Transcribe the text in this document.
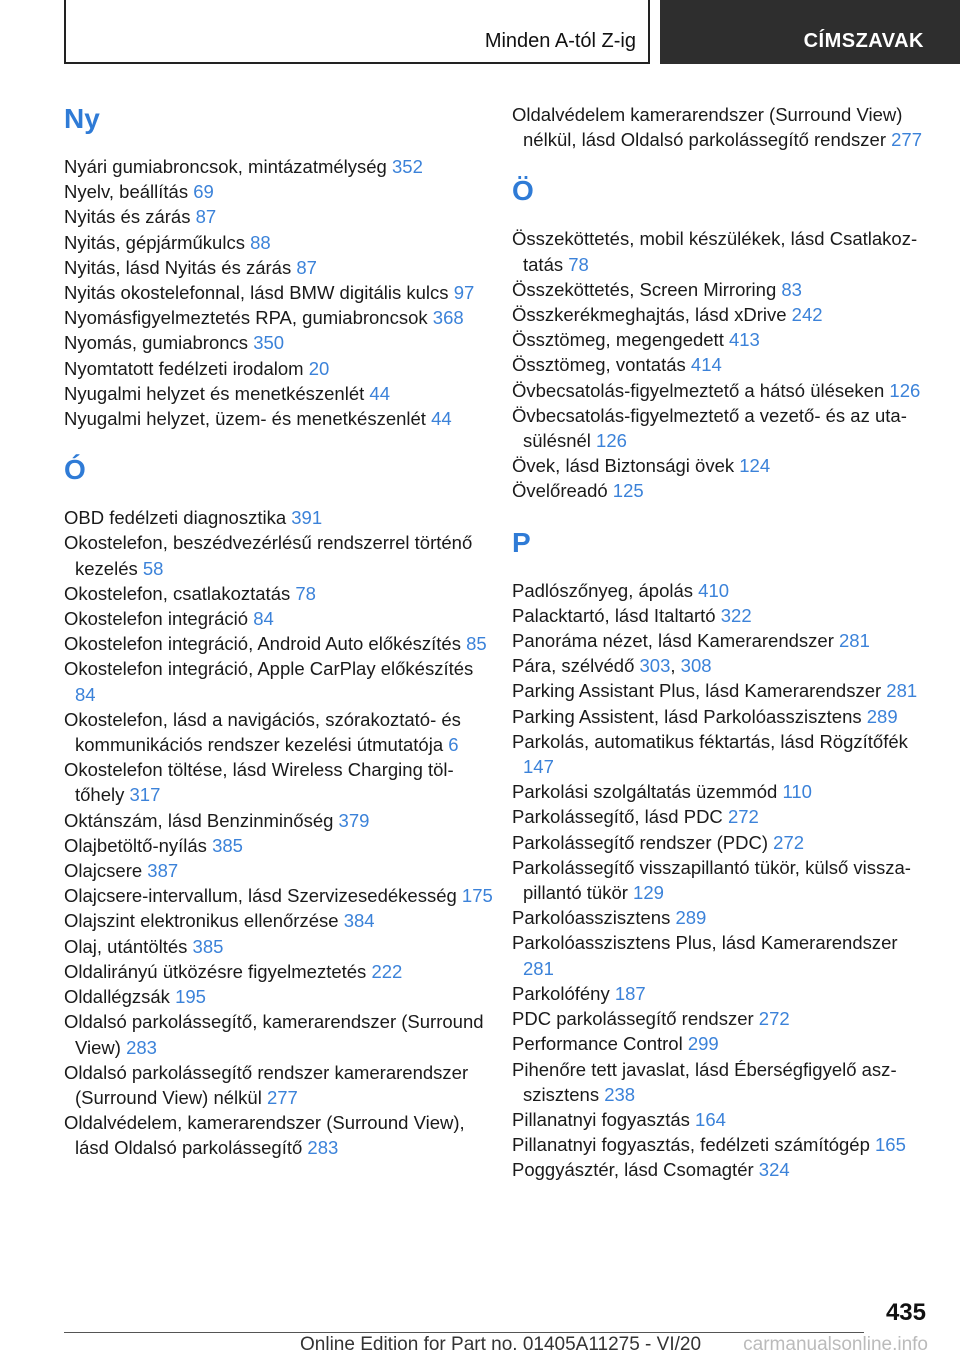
Minden A-tól Z-ig	CÍMSZAVAK
Ny

Nyári gumiabroncsok, mintázatmélység 352

Nyelv, beállítás 69

Nyitás és zárás 87

Nyitás, gépjárműkulcs 88

Nyitás, lásd Nyitás és zárás 87

Nyitás okostelefonnal, lásd BMW digitális kulcs 97

Nyomásfigyelmeztetés RPA, gumiabroncsok 368

Nyomás, gumiabroncs 350

Nyomtatott fedélzeti irodalom 20

Nyugalmi helyzet és menetkészenlét 44

Nyugalmi helyzet, üzem- és menetkészenlét 44

Ó

OBD fedélzeti diagnosztika 391

Okostelefon, beszédvezérlésű rendszerrel történő kezelés 58

Okostelefon, csatlakoztatás 78

Okostelefon integráció 84

Okostelefon integráció, Android Auto előkészítés 85

Okostelefon integráció, Apple CarPlay előkészítés 84

Okostelefon, lásd a navigációs, szórakoztató- és kommunikációs rendszer kezelési útmutatója 6

Okostelefon töltése, lásd Wireless Charging töltőhely 317

Oktánszám, lásd Benzinminőség 379

Olajbetöltő-nyílás 385

Olajcsere 387

Olajcsere-intervallum, lásd Szervizesedékesség 175

Olajszint elektronikus ellenőrzése 384

Olaj, utántöltés 385

Oldalirányú ütközésre figyelmeztetés 222

Oldallégzsák 195

Oldalsó parkolássegítő, kamerarendszer (Surround View) 283

Oldalsó parkolássegítő rendszer kamerarendszer (Surround View) nélkül 277

Oldalvédelem, kamerarendszer (Surround View), lásd Oldalsó parkolássegítő 283

Oldalvédelem kamerarendszer (Surround View) nélkül, lásd Oldalsó parkolássegítő rendszer 277

Ö

Összeköttetés, mobil készülékek, lásd Csatlakoztatás 78

Összeköttetés, Screen Mirroring 83

Összkerékmeghajtás, lásd xDrive 242

Össztömeg, megengedett 413

Össztömeg, vontatás 414

Övbecsatolás-figyelmeztető a hátsó üléseken 126

Övbecsatolás-figyelmeztető a vezető- és az utasülésnél 126

Övek, lásd Biztonsági övek 124

Övelőreadó 125

P

Padlószőnyeg, ápolás 410

Palacktartó, lásd Italtartó 322

Panoráma nézet, lásd Kamerarendszer 281

Pára, szélvédő 303, 308

Parking Assistant Plus, lásd Kamerarendszer 281

Parking Assistent, lásd Parkolóasszisztens 289

Parkolás, automatikus féktartás, lásd Rögzítőfék 147

Parkolási szolgáltatás üzemmód 110

Parkolássegítő, lásd PDC 272

Parkolássegítő rendszer (PDC) 272

Parkolássegítő visszapillantó tükör, külső visszapillantó tükör 129

Parkolóasszisztens 289

Parkolóasszisztens Plus, lásd Kamerarendszer 281

Parkolófény 187

PDC parkolássegítő rendszer 272

Performance Control 299

Pihenőre tett javaslat, lásd Éberségfigyelő aszszisztens 238

Pillanatnyi fogyasztás 164

Pillanatnyi fogyasztás, fedélzeti számítógép 165

Poggyásztér, lásd Csomagtér 324

435
Online Edition for Part no. 01405A11275 - VI/20 carmanualsonline.info
